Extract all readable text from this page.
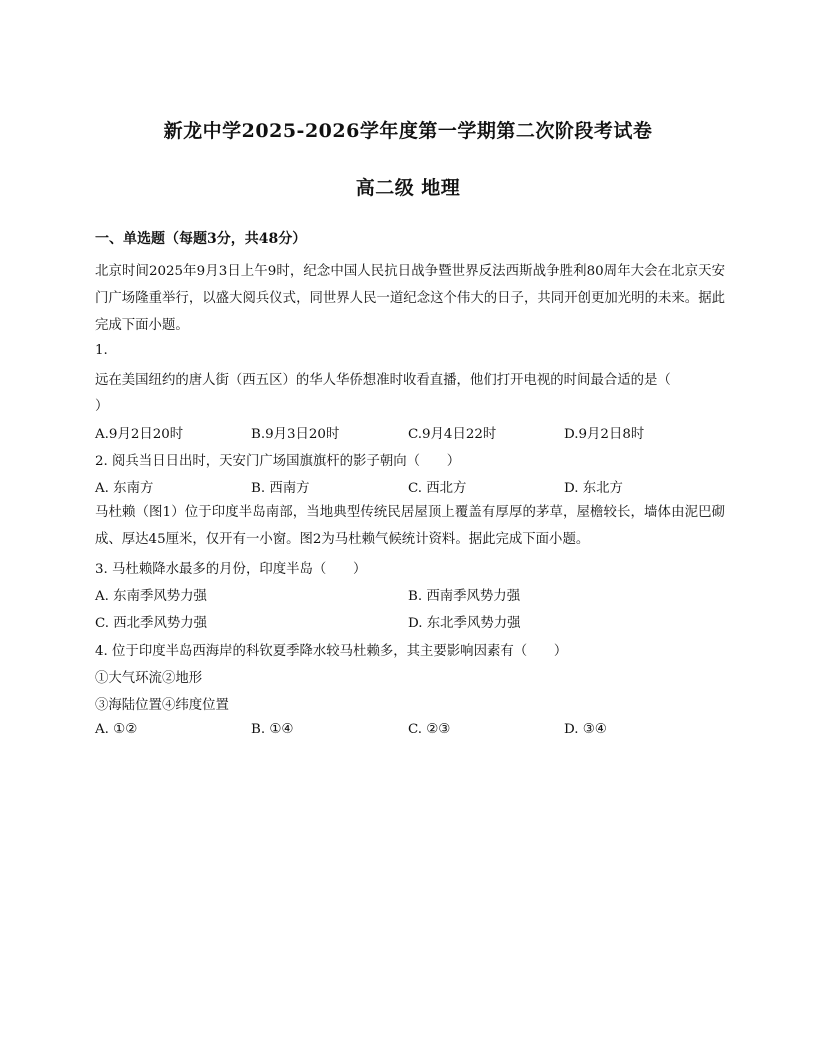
新龙中学2025-2026学年度第一学期第二次阶段考试卷
高二级 地理
一、单选题（每题3分，共48分）
北京时间2025年9月3日上午9时，纪念中国人民抗日战争暨世界反法西斯战争胜利80周年大会在北京天安门广场隆重举行，以盛大阅兵仪式，同世界人民一道纪念这个伟大的日子，共同开创更加光明的未来。据此完成下面小题。
1.
远在美国纽约的唐人街（西五区）的华人华侨想准时收看直播，他们打开电视的时间最合适的是（
）
A.9月2日20时	B.9月3日20时	C.9月4日22时	D.9月2日8时
2. 阅兵当日日出时，天安门广场国旗旗杆的影子朝向（　　）
A. 东南方	B. 西南方	C. 西北方	D. 东北方
马杜赖（图1）位于印度半岛南部，当地典型传统民居屋顶上覆盖有厚厚的茅草，屋檐较长，墙体由泥巴砌成、厚达45厘米，仅开有一小窗。图2为马杜赖气候统计资料。据此完成下面小题。
3. 马杜赖降水最多的月份，印度半岛（　　）
A. 东南季风势力强	B. 西南季风势力强
C. 西北季风势力强	D. 东北季风势力强
4. 位于印度半岛西海岸的科钦夏季降水较马杜赖多，其主要影响因素有（　　）
①大气环流②地形
③海陆位置④纬度位置
A. ①②	B. ①④	C. ②③	D. ③④
